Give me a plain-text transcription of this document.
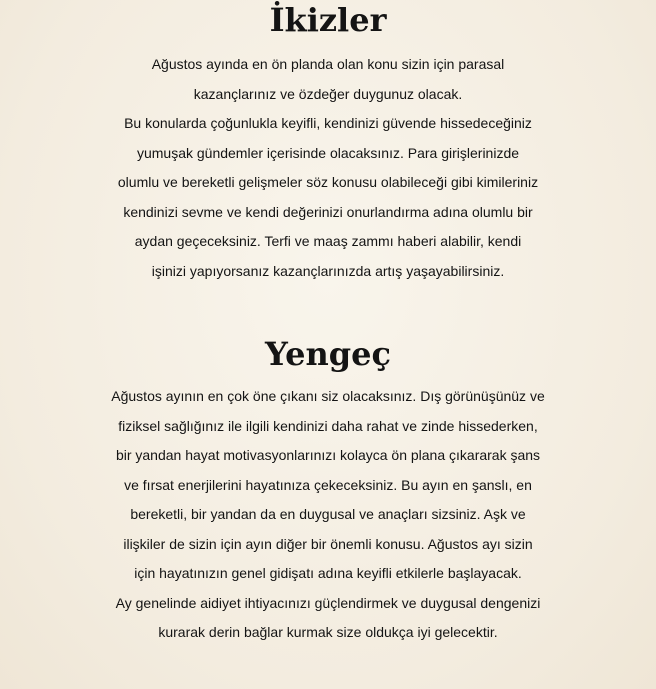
İkizler
Ağustos ayında en ön planda olan konu sizin için parasal
kazançlarınız ve özdeğer duygunuz olacak.
Bu konularda çoğunlukla keyifli, kendinizi güvende hissedeceğiniz
yumuşak gündemler içerisinde olacaksınız. Para girişlerinizde
olumlu ve bereketli gelişmeler söz konusu olabileceği gibi kimileriniz
kendinizi sevme ve kendi değerinizi onurlandırma adına olumlu bir
aydan geçeceksiniz. Terfi ve maaş zammı haberi alabilir, kendi
işinizi yapıyorsanız kazançlarınızda artış yaşayabilirsiniz.
Yengeç
Ağustos ayının en çok öne çıkanı siz olacaksınız. Dış görünüşünüz ve
fiziksel sağlığınız ile ilgili kendinizi daha rahat ve zinde hissederken,
bir yandan hayat motivasyonlarınızı kolayca ön plana çıkararak şans
ve fırsat enerjilerini hayatınıza çekeceksiniz. Bu ayın en şanslı, en
bereketli, bir yandan da en duygusal ve anaçları sizsiniz. Aşk ve
ilişkiler de sizin için ayın diğer bir önemli konusu. Ağustos ayı sizin
için hayatınızın genel gidişatı adına keyifli etkilerle başlayacak.
Ay genelinde aidiyet ihtiyacınızı güçlendirmek ve duygusal dengenizi
kurarak derin bağlar kurmak size oldukça iyi gelecektir.
